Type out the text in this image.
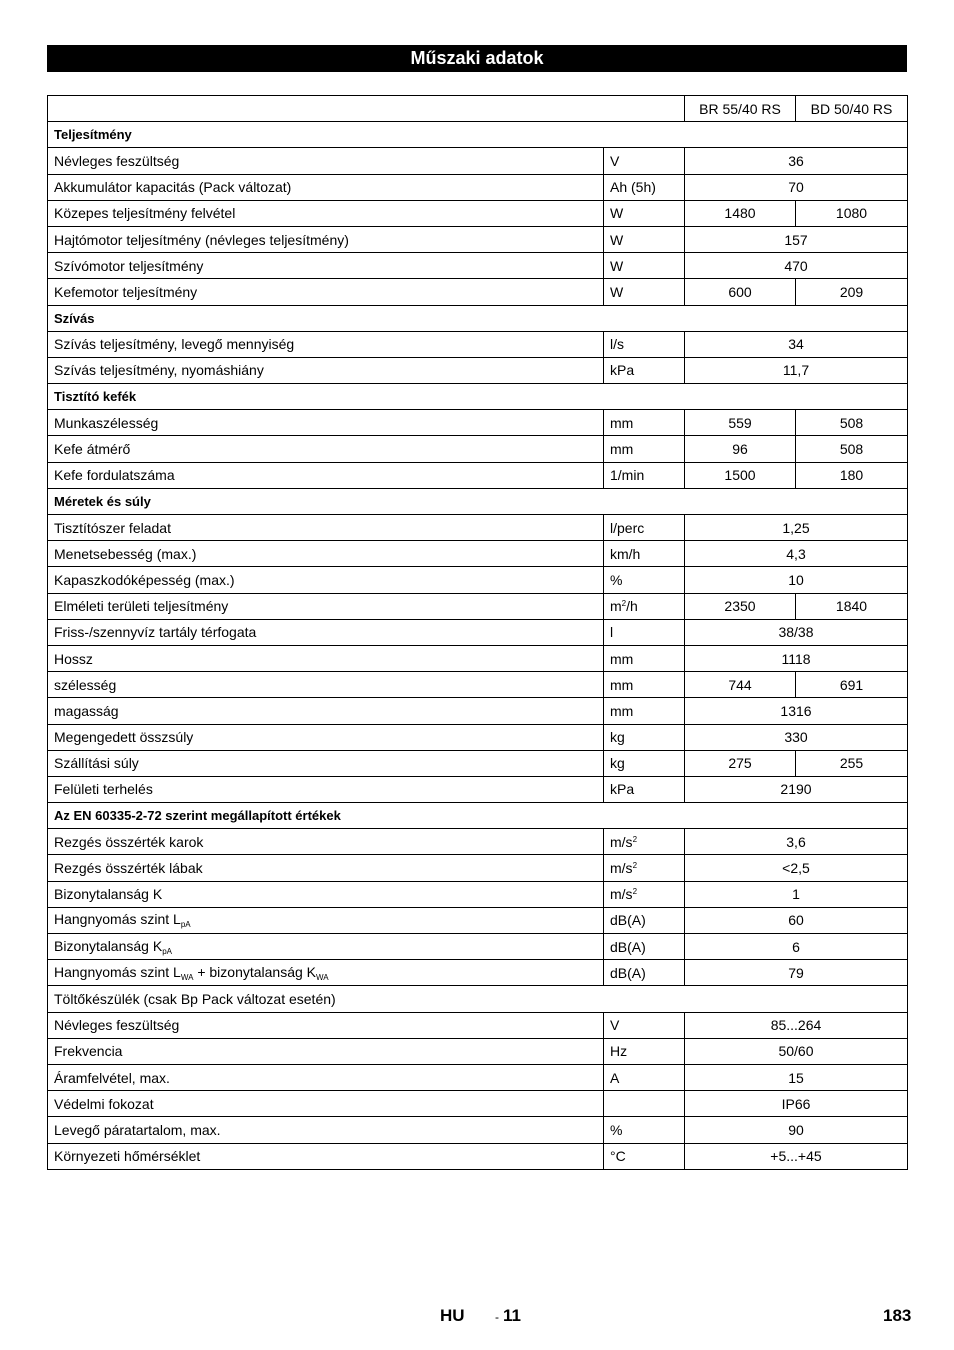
Műszaki adatok
		BR 55/40 RS	BD 50/40 RS
Teljesítmény			
Névleges feszültség	V	36	
Akkumulátor kapacitás (Pack változat)	Ah (5h)	70	
Közepes teljesítmény felvétel	W	1480	1080
Hajtómotor teljesítmény (névleges teljesítmény)	W	157	
Szívómotor teljesítmény	W	470	
Kefemotor teljesítmény	W	600	209
Szívás			
Szívás teljesítmény, levegő mennyiség	l/s	34	
Szívás teljesítmény, nyomáshiány	kPa	11,7	
Tisztító kefék			
Munkaszélesség	mm	559	508
Kefe átmérő	mm	96	508
Kefe fordulatszáma	1/min	1500	180
Méretek és súly			
Tisztítószer feladat	l/perc	1,25	
Menetsebesség (max.)	km/h	4,3	
Kapaszkodóképesség (max.)	%	10	
Elméleti területi teljesítmény	$m^2/h$	2350	1840
Friss-/szennyvíz tartály térfogata	l	38/38	
Hossz	mm	1118	
szélesség	mm	744	691
magasság	mm	1316	
Megengedett összsúly	kg	330	
Szállítási súly	kg	275	255
Felületi terhelés	kPa	2190	
Az EN 60335-2-72 szerint megállapított értékek			
Rezgés összérték karok	$m/s^2$	3,6	
Rezgés összérték lábak	$m/s^2$	<2,5	
Bizonytalanság K	$m/s^2$	1	
Hangnyomás szint $L_{pA}$	dB(A)	60	
Bizonytalanság $K_{pA}$	dB(A)	6	
Hangnyomás szint $L_{WA}$ + bizonytalanság $K_{WA}$	dB(A)	79	
Töltőkészülék (csak Bp Pack változat esetén)			
Névleges feszültség	V	85...264	
Frekvencia	Hz	50/60	
Áramfelvétel, max.	A	15	
Védelmi fokozat		IP66	
Levegő páratartalom, max.	%	90	
Környezeti hőmérséklet	°C	+5...+45	
HU	- 11	183
